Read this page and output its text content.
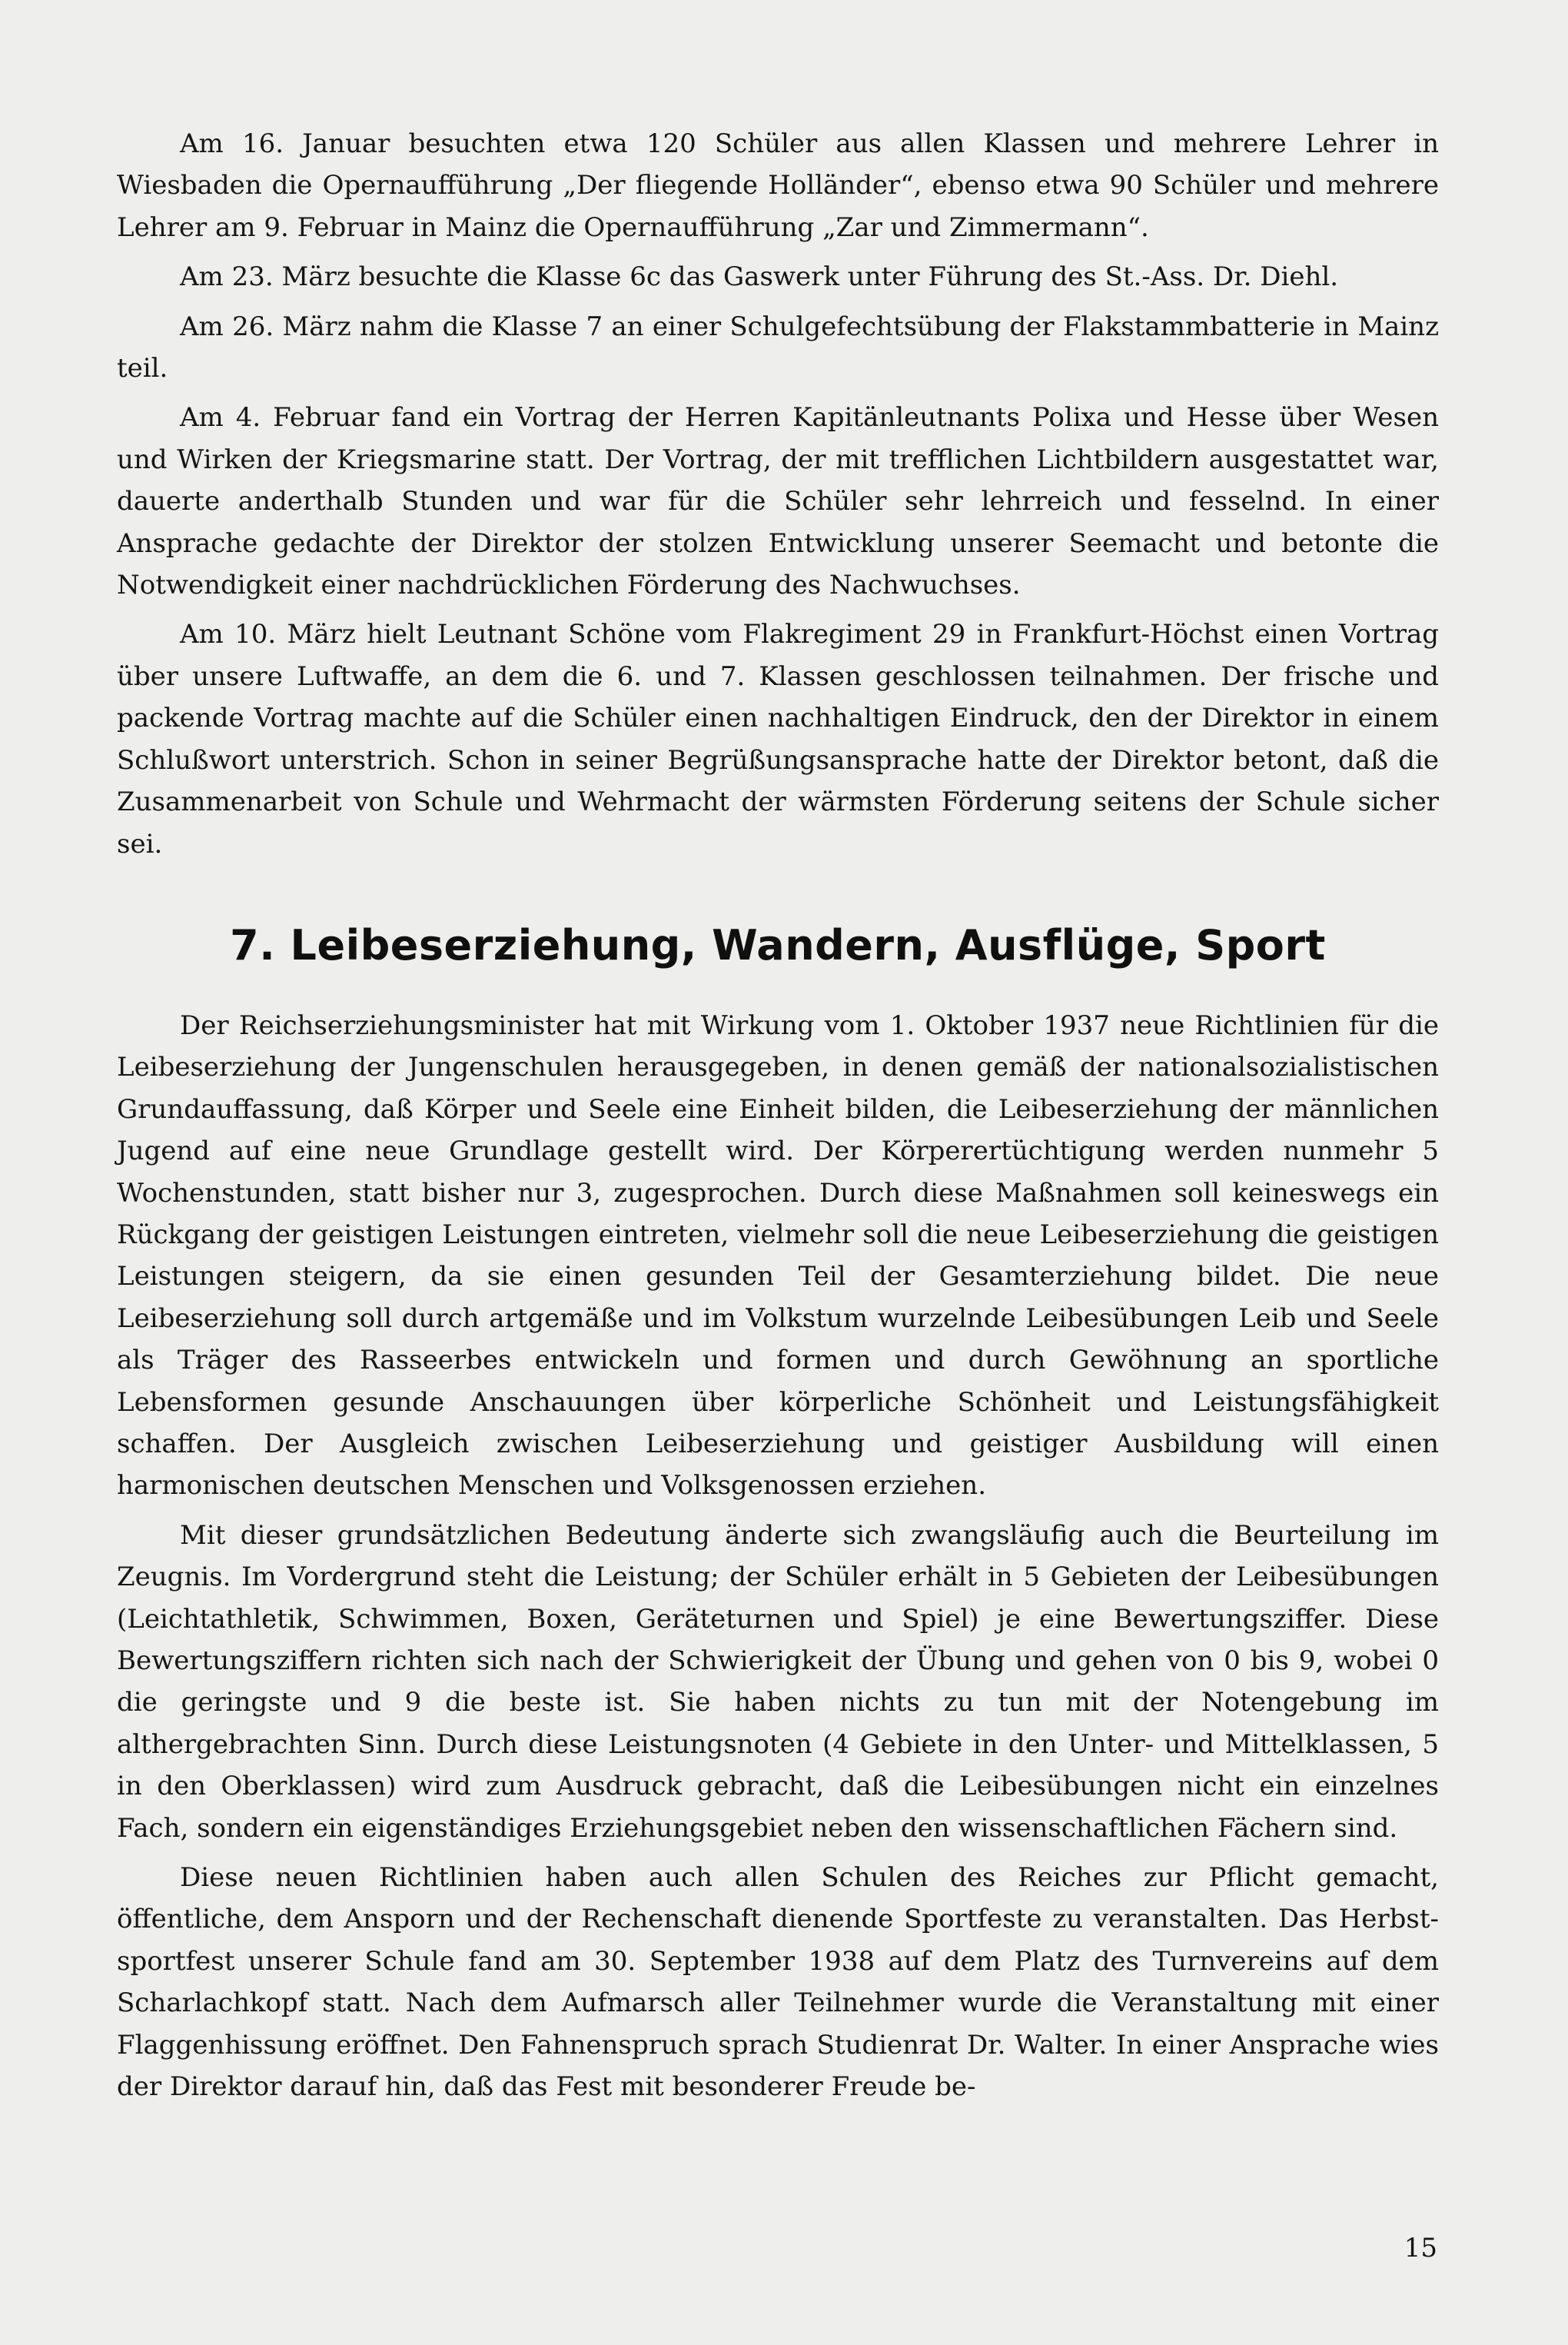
Am 16. Januar besuchten etwa 120 Schüler aus allen Klassen und mehrere Lehrer in Wiesbaden die Opernaufführung „Der fliegende Holländer“, ebenso etwa 90 Schüler und mehrere Lehrer am 9. Februar in Mainz die Opernaufführung „Zar und Zimmermann“.

Am 23. März besuchte die Klasse 6c das Gaswerk unter Führung des St.-Ass. Dr. Diehl.

Am 26. März nahm die Klasse 7 an einer Schulgefechtsübung der Flakstammbatterie in Mainz teil.

Am 4. Februar fand ein Vortrag der Herren Kapitänleutnants Polixa und Hesse über Wesen und Wirken der Kriegsmarine statt. Der Vortrag, der mit trefflichen Lichtbildern ausgestattet war, dauerte anderthalb Stunden und war für die Schüler sehr lehrreich und fesselnd. In einer Ansprache gedachte der Direktor der stolzen Entwicklung unserer Seemacht und betonte die Notwendigkeit einer nachdrücklichen Förderung des Nachwuchses.

Am 10. März hielt Leutnant Schöne vom Flakregiment 29 in Frankfurt-Höchst einen Vortrag über unsere Luftwaffe, an dem die 6. und 7. Klassen geschlossen teilnahmen. Der frische und packende Vortrag machte auf die Schüler einen nachhaltigen Eindruck, den der Direktor in einem Schlußwort unterstrich. Schon in seiner Begrüßungsansprache hatte der Direktor betont, daß die Zusammenarbeit von Schule und Wehrmacht der wärmsten Förderung seitens der Schule sicher sei.

7. Leibeserziehung, Wandern, Ausflüge, Sport

Der Reichserziehungsminister hat mit Wirkung vom 1. Oktober 1937 neue Richtlinien für die Leibeserziehung der Jungenschulen herausgegeben, in denen gemäß der nationalsozialistischen Grundauffassung, daß Körper und Seele eine Einheit bilden, die Leibeserziehung der männlichen Jugend auf eine neue Grundlage gestellt wird. Der Körperertüchtigung werden nunmehr 5 Wochenstunden, statt bisher nur 3, zugesprochen. Durch diese Maßnahmen soll keineswegs ein Rückgang der geistigen Leistungen eintreten, vielmehr soll die neue Leibeserziehung die geistigen Leistungen steigern, da sie einen gesunden Teil der Gesamterziehung bildet. Die neue Leibeserziehung soll durch artgemäße und im Volkstum wurzelnde Leibesübungen Leib und Seele als Träger des Rasseerbes entwickeln und formen und durch Gewöhnung an sportliche Lebensformen gesunde Anschauungen über körperliche Schönheit und Leistungsfähigkeit schaffen. Der Ausgleich zwischen Leibeserziehung und geistiger Ausbildung will einen harmonischen deutschen Menschen und Volksgenossen erziehen.

Mit dieser grundsätzlichen Bedeutung änderte sich zwangsläufig auch die Beurteilung im Zeugnis. Im Vordergrund steht die Leistung; der Schüler erhält in 5 Gebieten der Leibesübungen (Leichtathletik, Schwimmen, Boxen, Geräteturnen und Spiel) je eine Bewertungsziffer. Diese Bewertungsziffern richten sich nach der Schwierigkeit der Übung und gehen von 0 bis 9, wobei 0 die geringste und 9 die beste ist. Sie haben nichts zu tun mit der Notengebung im althergebrachten Sinn. Durch diese Leistungsnoten (4 Gebiete in den Unter- und Mittelklassen, 5 in den Oberklassen) wird zum Ausdruck gebracht, daß die Leibesübungen nicht ein einzelnes Fach, sondern ein eigenständiges Erziehungsgebiet neben den wissenschaftlichen Fächern sind.

Diese neuen Richtlinien haben auch allen Schulen des Reiches zur Pflicht gemacht, öffentliche, dem Ansporn und der Rechenschaft dienende Sportfeste zu veranstalten. Das Herbstsportfest unserer Schule fand am 30. September 1938 auf dem Platz des Turnvereins auf dem Scharlachkopf statt. Nach dem Aufmarsch aller Teilnehmer wurde die Veranstaltung mit einer Flaggenhissung eröffnet. Den Fahnenspruch sprach Studienrat Dr. Walter. In einer Ansprache wies der Direktor darauf hin, daß das Fest mit besonderer Freude be-

15
